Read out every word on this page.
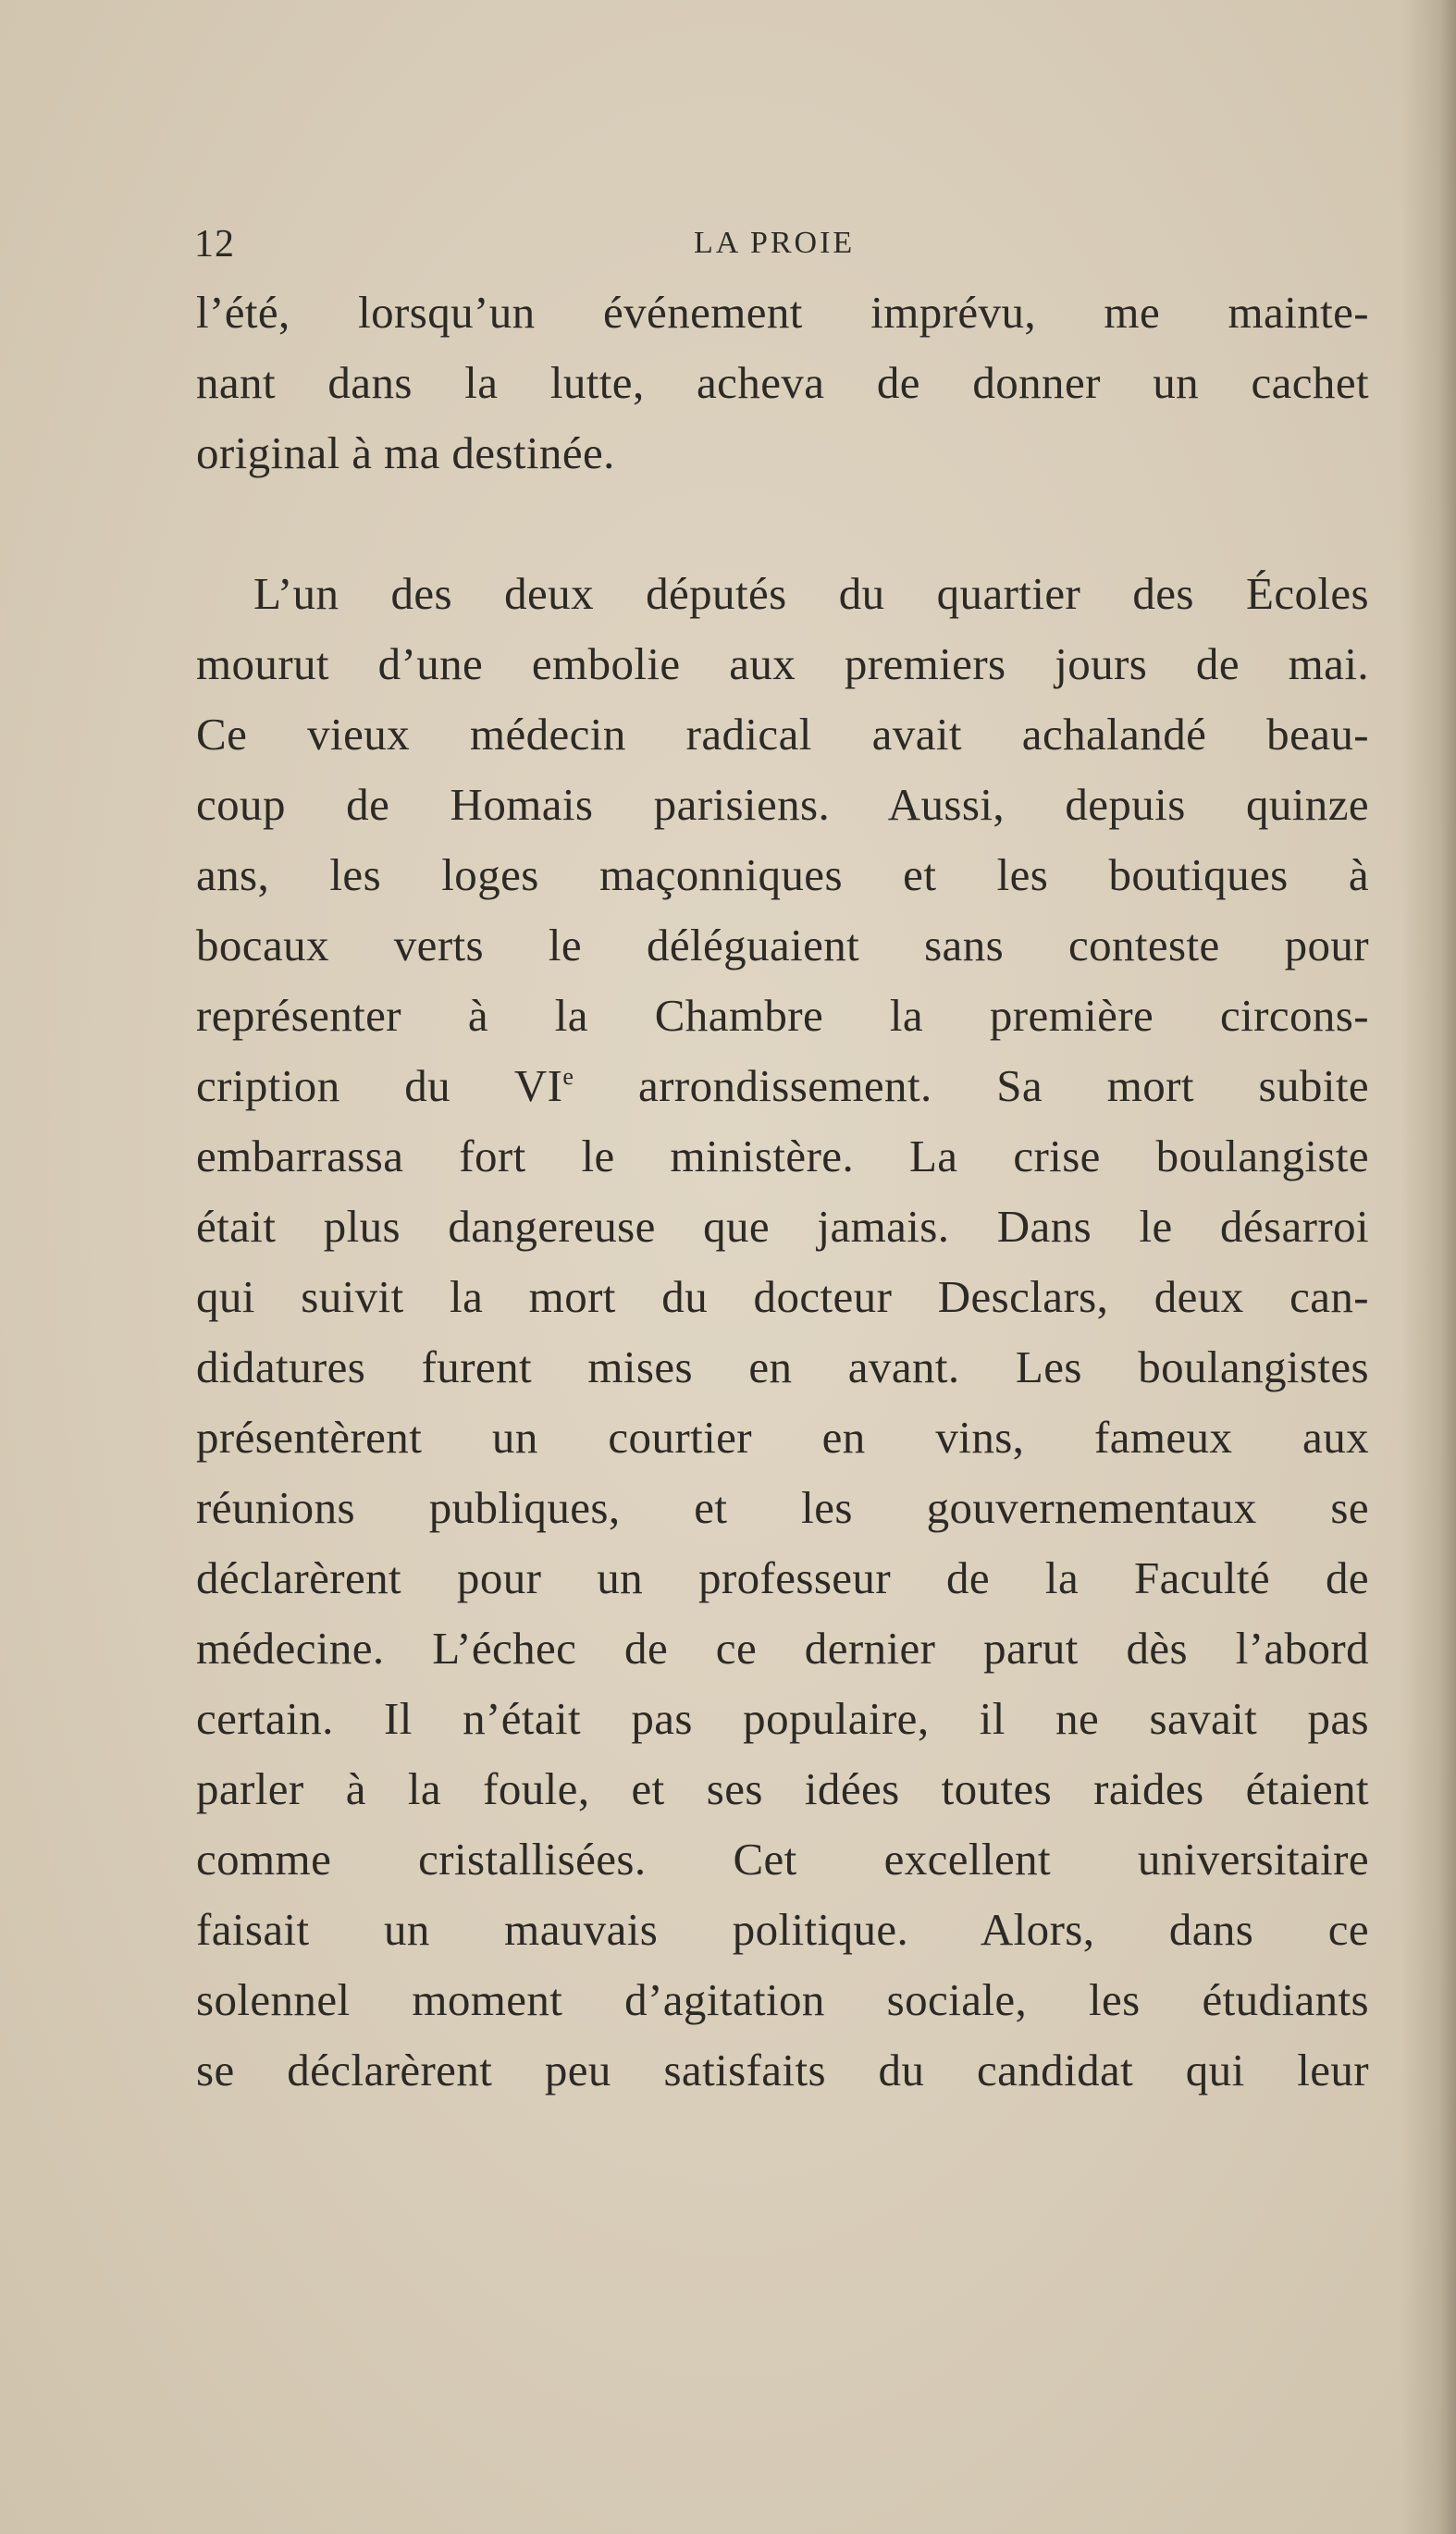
12	LA PROIE
l’été, lorsqu’un événement imprévu, me mainte-
nant dans la lutte, acheva de donner un cachet
original à ma destinée.
L’un des deux députés du quartier des Écoles
mourut d’une embolie aux premiers jours de mai.
Ce vieux médecin radical avait achalandé beau-
coup de Homais parisiens. Aussi, depuis quinze
ans, les loges maçonniques et les boutiques à
bocaux verts le déléguaient sans conteste pour
représenter à la Chambre la première circons-
cription du VIe arrondissement. Sa mort subite
embarrassa fort le ministère. La crise boulangiste
était plus dangereuse que jamais. Dans le désarroi
qui suivit la mort du docteur Desclars, deux can-
didatures furent mises en avant. Les boulangistes
présentèrent un courtier en vins, fameux aux
réunions publiques, et les gouvernementaux se
déclarèrent pour un professeur de la Faculté de
médecine. L’échec de ce dernier parut dès l’abord
certain. Il n’était pas populaire, il ne savait pas
parler à la foule, et ses idées toutes raides étaient
comme cristallisées. Cet excellent universitaire
faisait un mauvais politique. Alors, dans ce
solennel moment d’agitation sociale, les étudiants
se déclarèrent peu satisfaits du candidat qui leur
